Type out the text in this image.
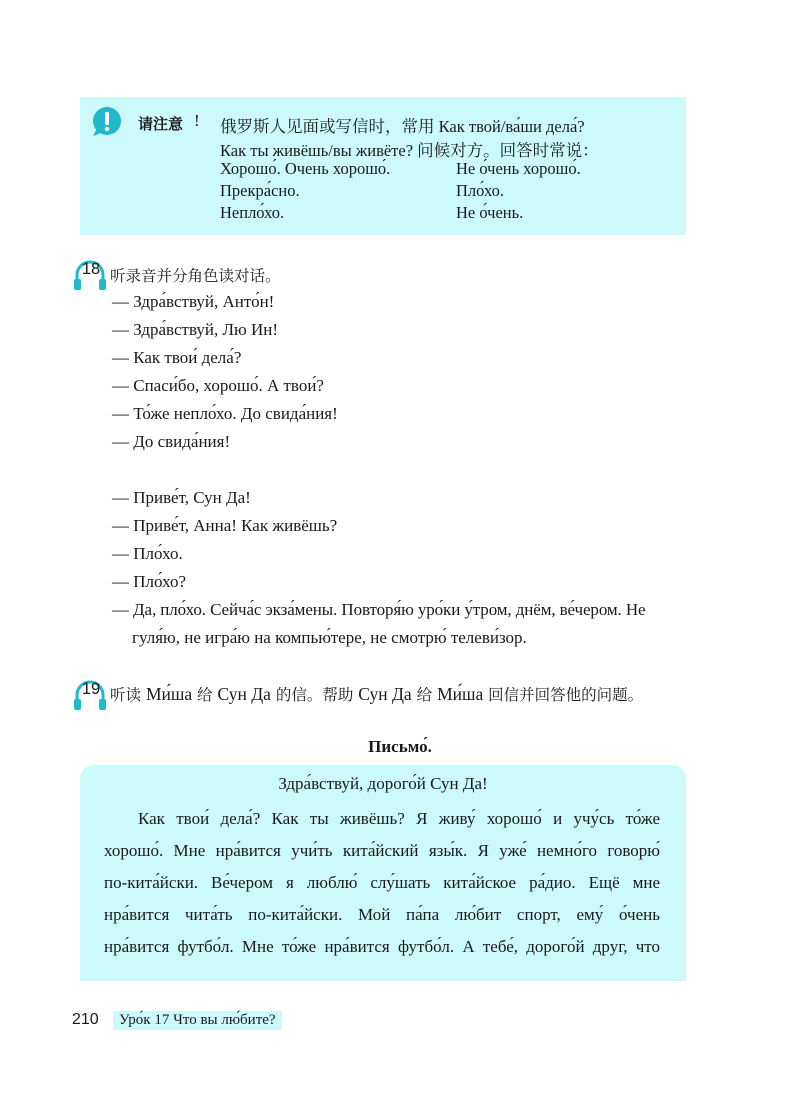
请注意 ! 俄罗斯人见面或写信时，常用 Как твой/ва́ши дела́?
Как ты живёшь/вы живёте? 问候对方。回答时常说：
Хорошо́. Очень хорошо́.
Прекра́сно.
Непло́хо.
Не о́чень хорошо́.
Пло́хо.
Не о́чень.
18 听录音并分角色读对话。
— Здра́вствуй, Анто́н!
— Здра́вствуй, Лю Ин!
— Как твои́ дела́?
— Спаси́бо, хорошо́. А твои́?
— То́же непло́хо. До свида́ния!
— До свида́ния!
— Приве́т, Сун Да!
— Приве́т, Анна! Как живёшь?
— Пло́хо.
— Пло́хо?
— Да, пло́хо. Сейча́с экза́мены. Повторя́ю уро́ки у́тром, днём, ве́чером. Не
гуля́ю, не игра́ю на компью́тере, не смотрю́ телеви́зор.
19 听读 Ми́ша 给 Сун Да 的信。帮助 Сун Да 给 Ми́ша 回信并回答他的问题。
Письмо́.
Здра́вствуй, дорого́й Сун Да!
Как твои́ дела́? Как ты живёшь? Я живу́ хорошо́ и учу́сь то́же
хорошо́. Мне нра́вится учи́ть кита́йский язы́к. Я уже́ немно́го говорю́
по-кита́йски. Ве́чером я люблю́ слу́шать кита́йское ра́дио. Ещё мне
нра́вится чита́ть по-кита́йски. Мой па́па лю́бит спорт, ему́ о́чень
нра́вится футбо́л. Мне то́же нра́вится футбо́л. А тебе́, дорого́й друг, что
210	Уро́к 17 Что вы лю́бите?
